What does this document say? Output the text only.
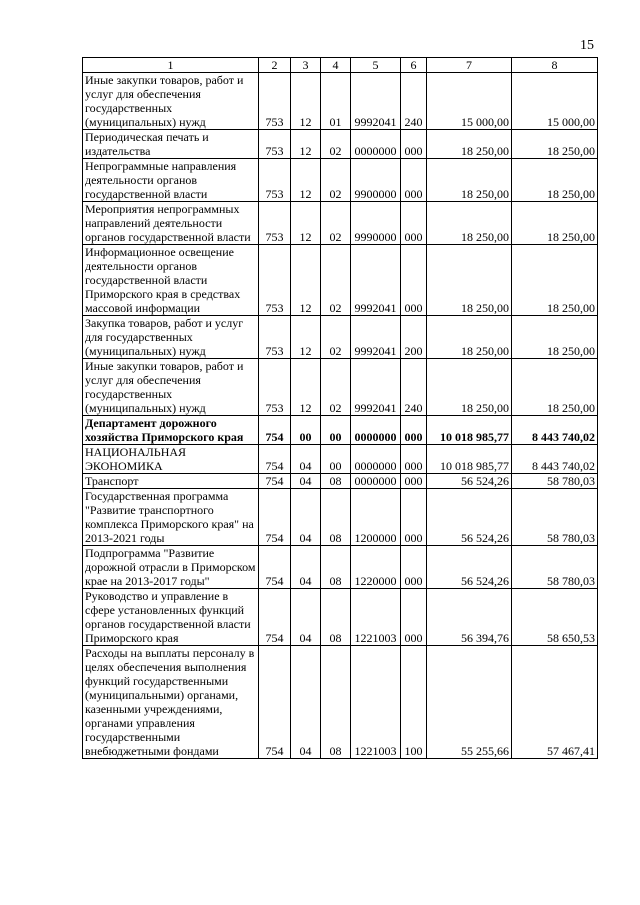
15
1	2	3	4	5	6	7	8
Иные закупки товаров, работ и услуг для обеспечения государственных (муниципальных) нужд	753	12	01	9992041	240	15 000,00	15 000,00
Периодическая печать и издательства	753	12	02	0000000	000	18 250,00	18 250,00
Непрограммные направления деятельности органов государственной власти	753	12	02	9900000	000	18 250,00	18 250,00
Мероприятия непрограммных направлений деятельности органов государственной власти	753	12	02	9990000	000	18 250,00	18 250,00
Информационное освещение деятельности органов государственной власти Приморского края в средствах массовой информации	753	12	02	9992041	000	18 250,00	18 250,00
Закупка товаров, работ и услуг для государственных (муниципальных) нужд	753	12	02	9992041	200	18 250,00	18 250,00
Иные закупки товаров, работ и услуг для обеспечения государственных (муниципальных) нужд	753	12	02	9992041	240	18 250,00	18 250,00
Департамент дорожного хозяйства Приморского края	754	00	00	0000000	000	10 018 985,77	8 443 740,02
НАЦИОНАЛЬНАЯ ЭКОНОМИКА	754	04	00	0000000	000	10 018 985,77	8 443 740,02
Транспорт	754	04	08	0000000	000	56 524,26	58 780,03
Государственная программа "Развитие транспортного комплекса Приморского края" на 2013-2021 годы	754	04	08	1200000	000	56 524,26	58 780,03
Подпрограмма "Развитие дорожной отрасли в Приморском крае на 2013-2017 годы"	754	04	08	1220000	000	56 524,26	58 780,03
Руководство и управление в сфере установленных функций органов государственной власти Приморского края	754	04	08	1221003	000	56 394,76	58 650,53
Расходы на выплаты персоналу в целях обеспечения выполнения функций государственными (муниципальными) органами, казенными учреждениями, органами управления государственными внебюджетными фондами	754	04	08	1221003	100	55 255,66	57 467,41
